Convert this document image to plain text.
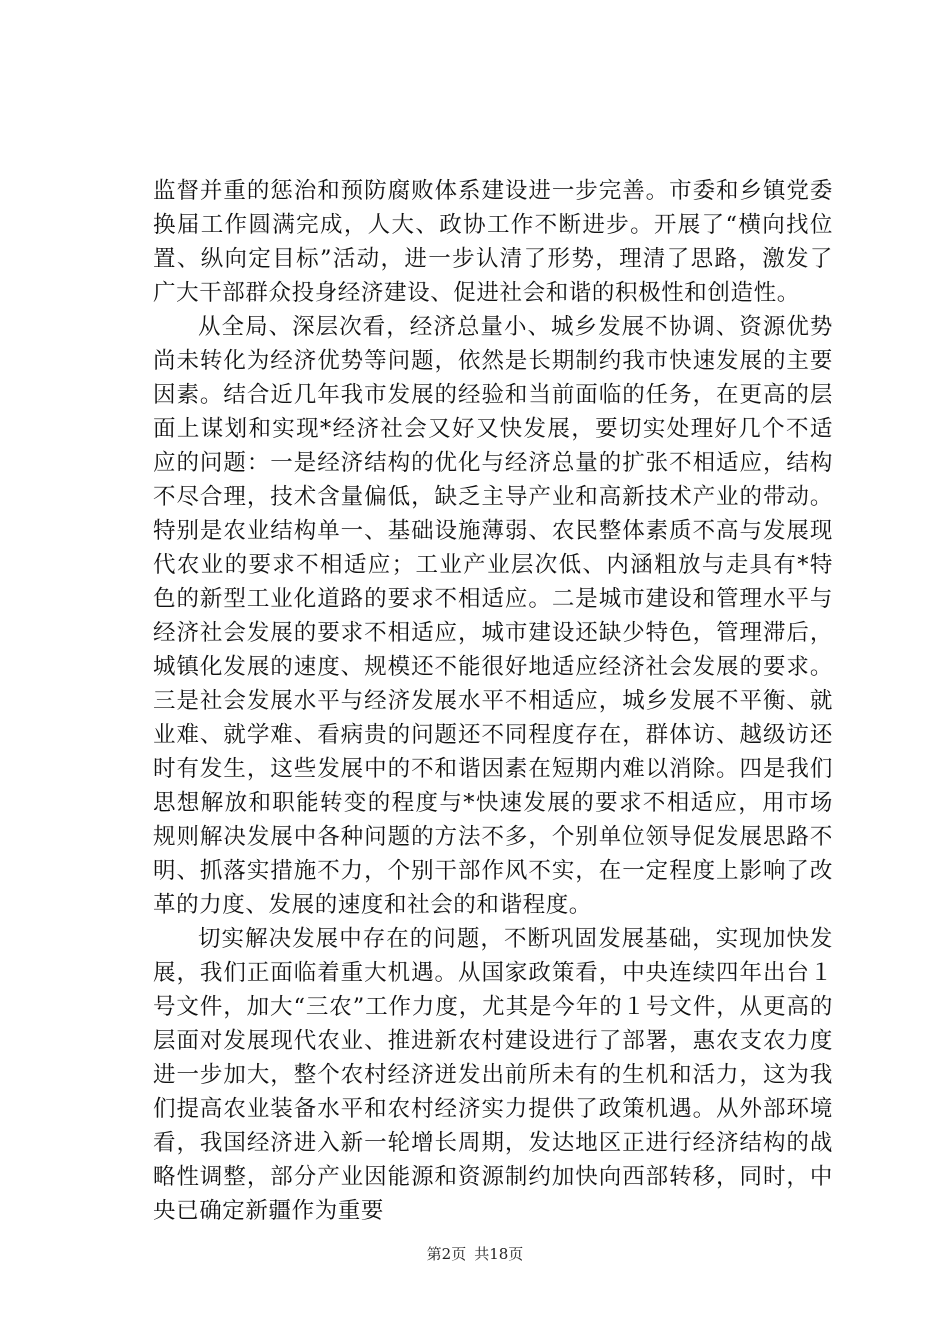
监督并重的惩治和预防腐败体系建设进一步完善。市委和乡镇党委换届工作圆满完成，人大、政协工作不断进步。开展了“横向找位置、纵向定目标”活动，进一步认清了形势，理清了思路，激发了广大干部群众投身经济建设、促进社会和谐的积极性和创造性。

从全局、深层次看，经济总量小、城乡发展不协调、资源优势尚未转化为经济优势等问题，依然是长期制约我市快速发展的主要因素。结合近几年我市发展的经验和当前面临的任务，在更高的层面上谋划和实现*经济社会又好又快发展，要切实处理好几个不适应的问题：一是经济结构的优化与经济总量的扩张不相适应，结构不尽合理，技术含量偏低，缺乏主导产业和高新技术产业的带动。特别是农业结构单一、基础设施薄弱、农民整体素质不高与发展现代农业的要求不相适应；工业产业层次低、内涵粗放与走具有*特色的新型工业化道路的要求不相适应。二是城市建设和管理水平与经济社会发展的要求不相适应，城市建设还缺少特色，管理滞后，城镇化发展的速度、规模还不能很好地适应经济社会发展的要求。三是社会发展水平与经济发展水平不相适应，城乡发展不平衡、就业难、就学难、看病贵的问题还不同程度存在，群体访、越级访还时有发生，这些发展中的不和谐因素在短期内难以消除。四是我们思想解放和职能转变的程度与*快速发展的要求不相适应，用市场规则解决发展中各种问题的方法不多，个别单位领导促发展思路不明、抓落实措施不力，个别干部作风不实，在一定程度上影响了改革的力度、发展的速度和社会的和谐程度。

切实解决发展中存在的问题，不断巩固发展基础，实现加快发展，我们正面临着重大机遇。从国家政策看，中央连续四年出台１号文件，加大“三农”工作力度，尤其是今年的１号文件，从更高的层面对发展现代农业、推进新农村建设进行了部署，惠农支农力度进一步加大，整个农村经济迸发出前所未有的生机和活力，这为我们提高农业装备水平和农村经济实力提供了政策机遇。从外部环境看，我国经济进入新一轮增长周期，发达地区正进行经济结构的战略性调整，部分产业因能源和资源制约加快向西部转移，同时，中央已确定新疆作为重要

第2页 共18页
